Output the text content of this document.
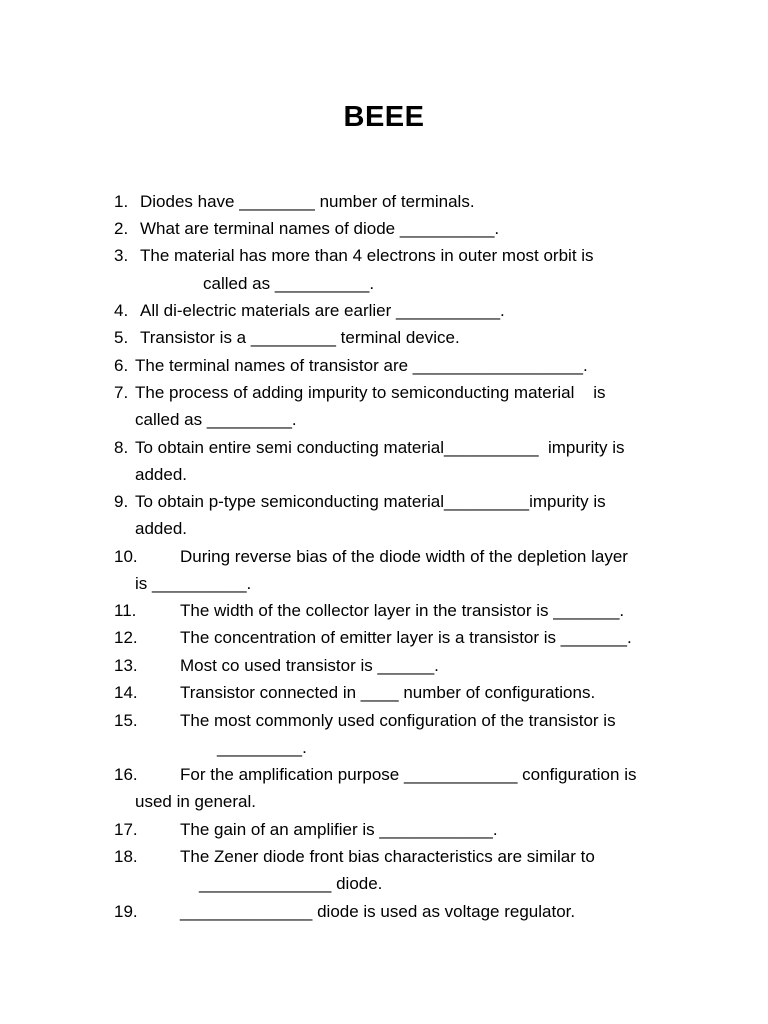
BEEE
1. Diodes have ________ number of terminals.
2. What are terminal names of diode __________.
3. The material has more than 4 electrons in outer most orbit is
called as __________.
4. All di-electric materials are earlier ___________.
5. Transistor is a _________ terminal device.
6. The terminal names of transistor are __________________.
7. The process of adding impurity to semiconducting material    is
called as _________.
8. To obtain entire semi conducting material__________  impurity is
added.
9. To obtain p-type semiconducting material_________impurity is
added.
10. During reverse bias of the diode width of the depletion layer
is __________.
11.	The width of the collector layer in the transistor is _______.
12. The concentration of emitter layer is a transistor is _______.
13. Most co used transistor is ______.
14. Transistor connected in ____ number of configurations.
15. The most commonly used configuration of the transistor is
_________.
16. For the amplification purpose ____________ configuration is
used in general.
17. The gain of an amplifier is ____________.
18. The Zener diode front bias characteristics are similar to
______________ diode.
19. ______________ diode is used as voltage regulator.
